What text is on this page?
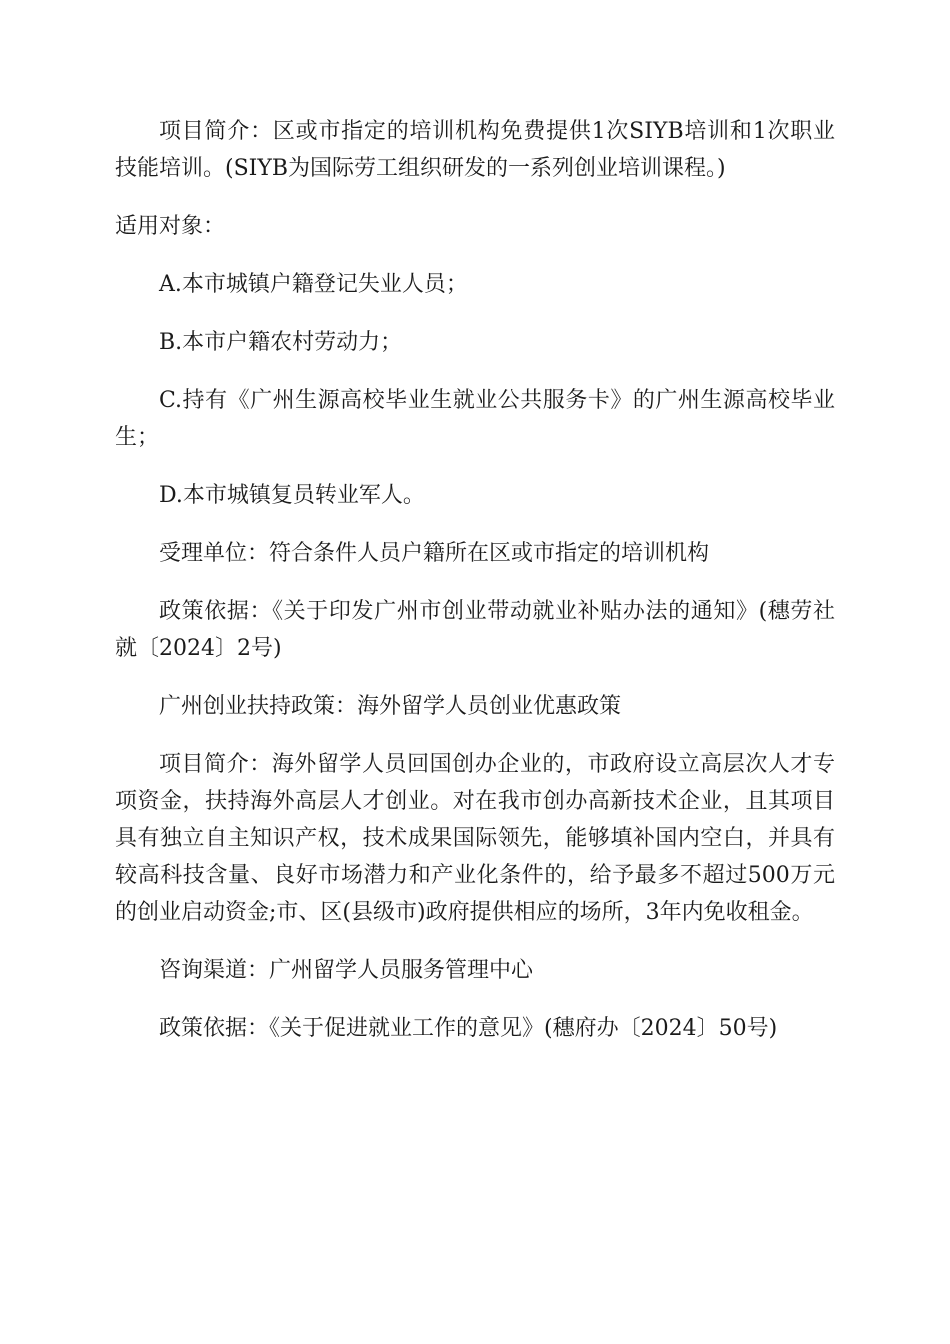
项目简介：区或市指定的培训机构免费提供1次SIYB培训和1次职业技能培训。(SIYB为国际劳工组织研发的一系列创业培训课程。)

适用对象：

A.本市城镇户籍登记失业人员；

B.本市户籍农村劳动力；

C.持有《广州生源高校毕业生就业公共服务卡》的广州生源高校毕业生；

D.本市城镇复员转业军人。

受理单位：符合条件人员户籍所在区或市指定的培训机构

政策依据：《关于印发广州市创业带动就业补贴办法的通知》(穗劳社就〔2024〕2号)

广州创业扶持政策：海外留学人员创业优惠政策

项目简介：海外留学人员回国创办企业的，市政府设立高层次人才专项资金，扶持海外高层人才创业。对在我市创办高新技术企业，且其项目具有独立自主知识产权，技术成果国际领先，能够填补国内空白，并具有较高科技含量、良好市场潜力和产业化条件的，给予最多不超过500万元的创业启动资金;市、区(县级市)政府提供相应的场所，3年内免收租金。

咨询渠道：广州留学人员服务管理中心

政策依据：《关于促进就业工作的意见》(穗府办〔2024〕50号)
